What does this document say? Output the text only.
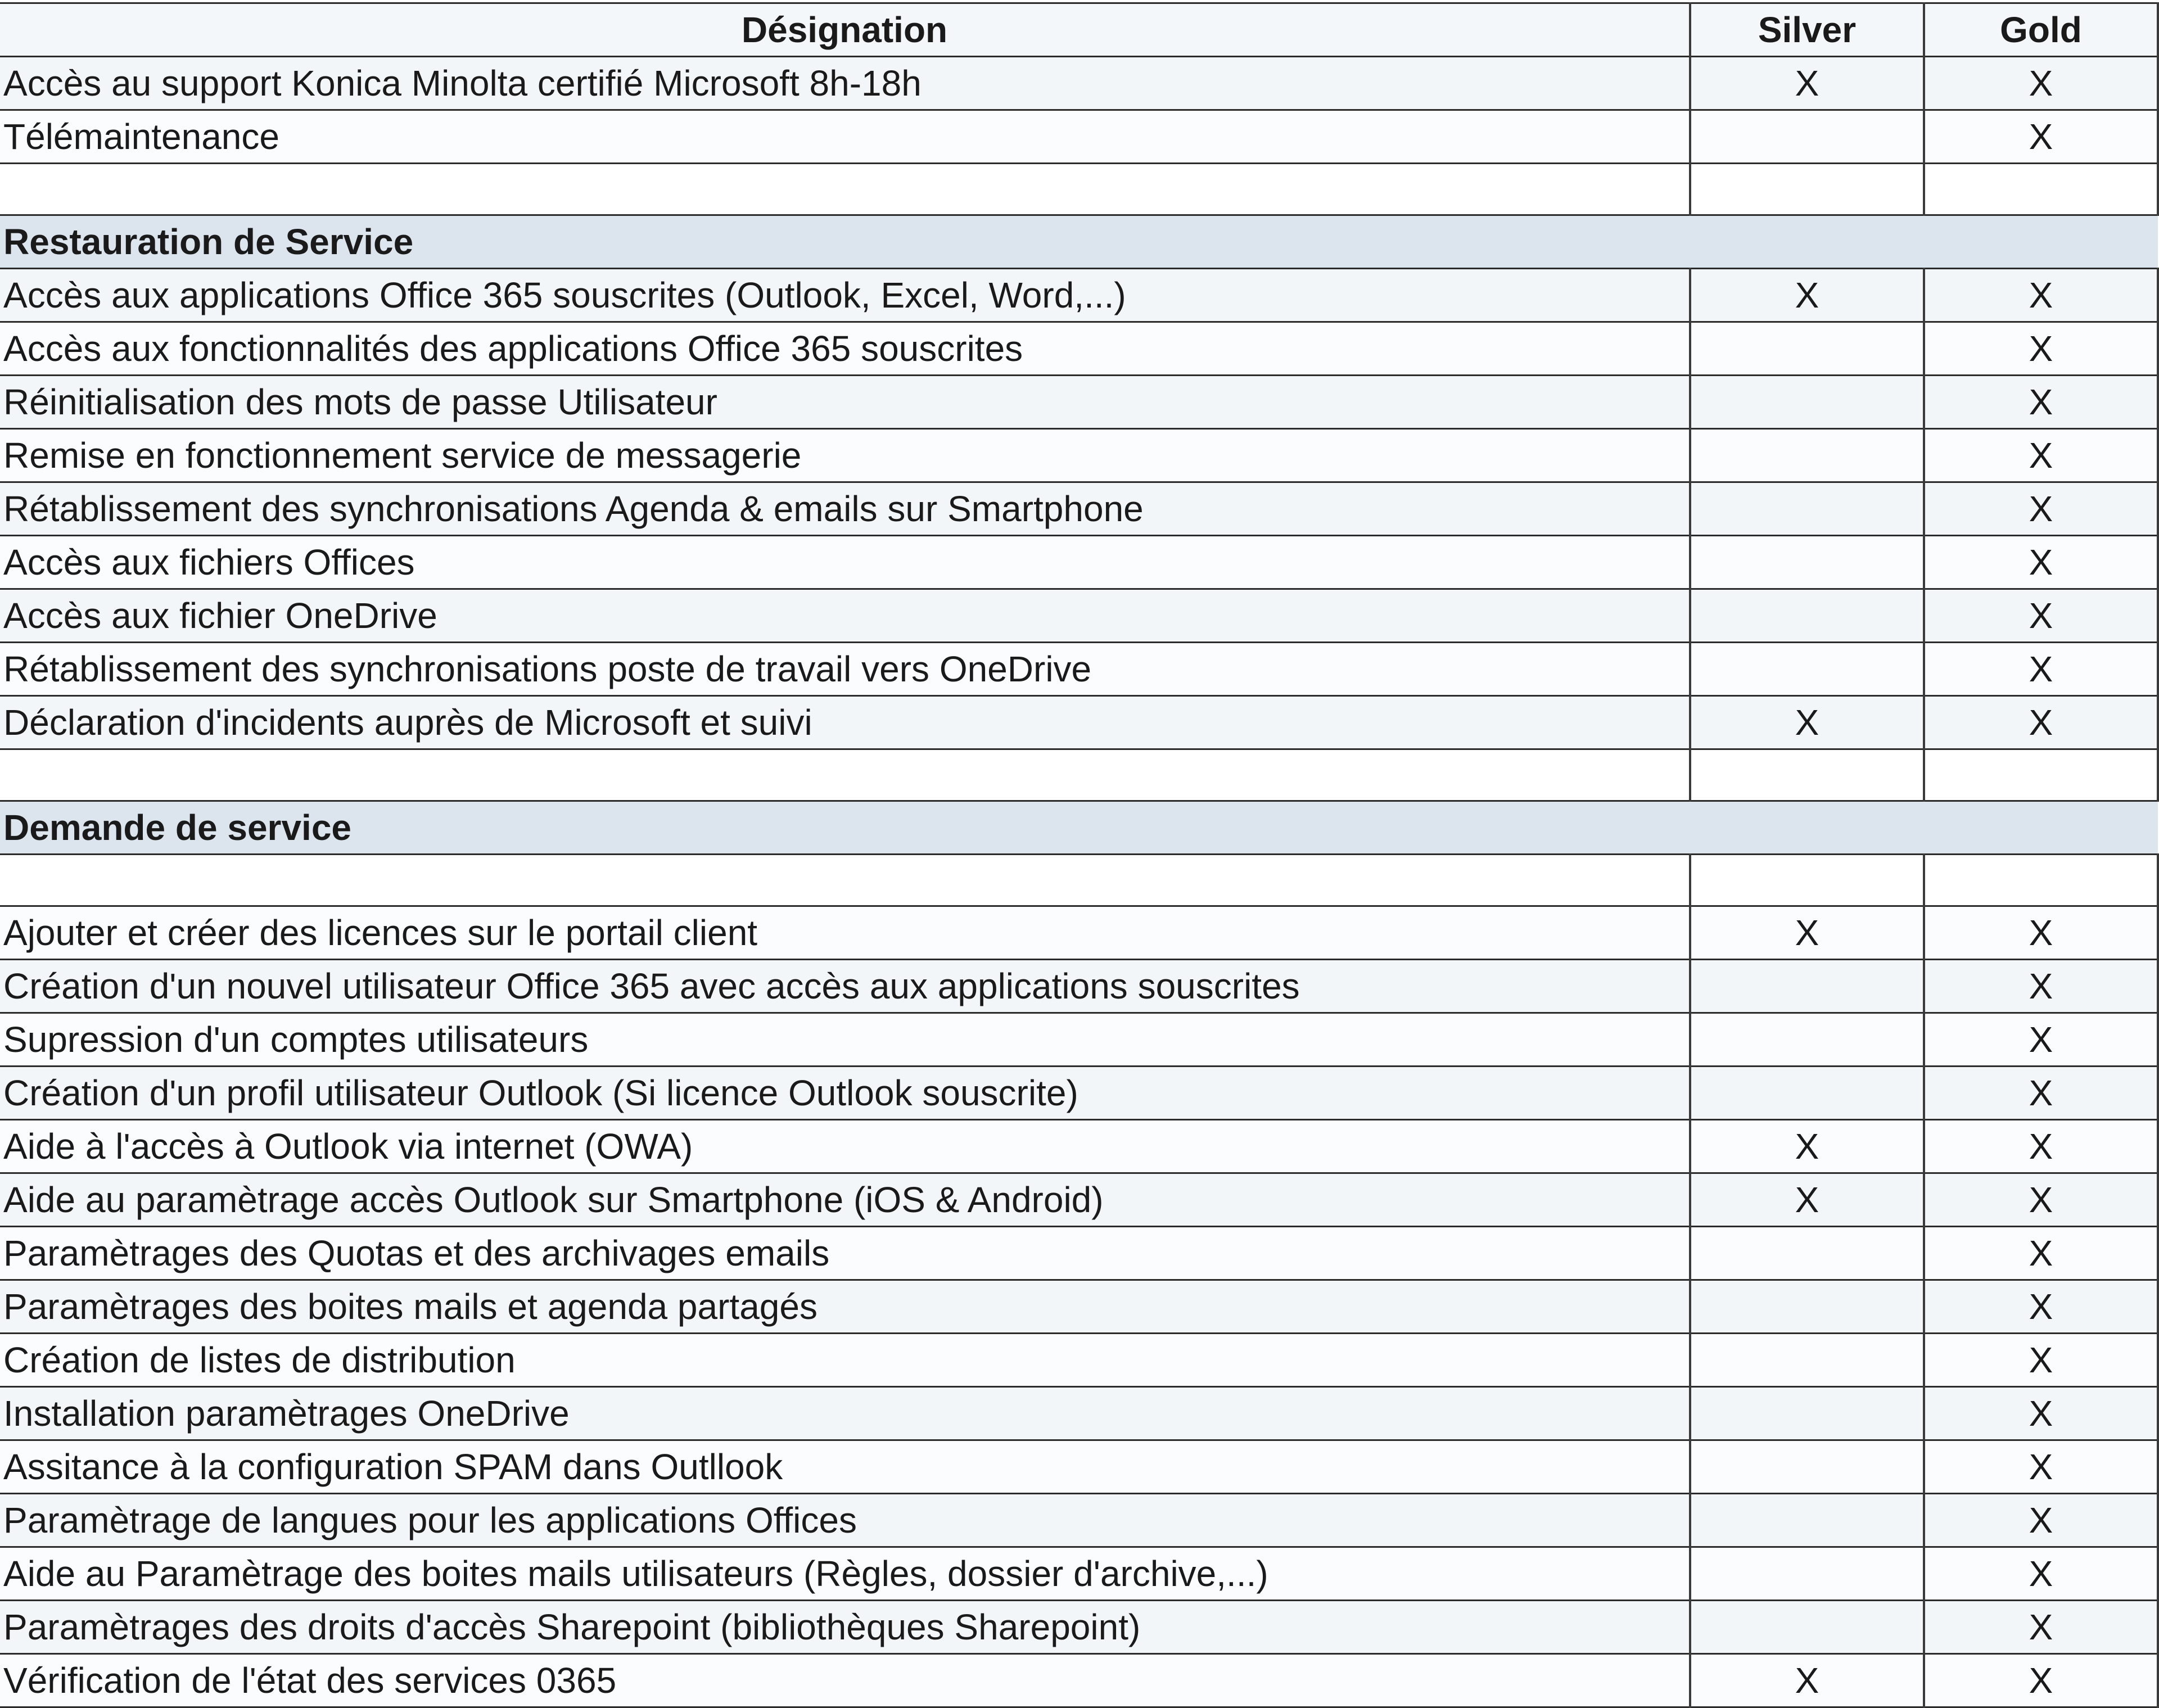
Désignation	Silver	Gold
Accès au support Konica Minolta certifié Microsoft 8h-18h	X	X
Télémaintenance		X

Restauration de Service		
Accès aux applications Office 365 souscrites (Outlook, Excel, Word,...)	X	X
Accès aux fonctionnalités des applications Office 365 souscrites		X
Réinitialisation des mots de passe Utilisateur		X
Remise en fonctionnement service de messagerie		X
Rétablissement des synchronisations Agenda & emails sur Smartphone		X
Accès aux fichiers Offices		X
Accès aux fichier OneDrive		X
Rétablissement des synchronisations poste de travail vers OneDrive		X
Déclaration d'incidents auprès de Microsoft et suivi	X	X

Demande de service		

Ajouter et créer des licences sur le portail client	X	X
Création d'un nouvel utilisateur Office 365 avec accès aux applications souscrites		X
Supression d'un comptes utilisateurs		X
Création d'un profil utilisateur Outlook (Si licence Outlook souscrite)		X
Aide à l'accès à Outlook via internet (OWA)	X	X
Aide au paramètrage accès Outlook sur Smartphone (iOS & Android)	X	X
Paramètrages des Quotas et des archivages emails		X
Paramètrages des boites mails et agenda partagés		X
Création de listes de distribution		X
Installation paramètrages OneDrive		X
Assitance à la configuration SPAM dans Outllook		X
Paramètrage de langues pour les applications Offices		X
Aide au Paramètrage des boites mails utilisateurs (Règles, dossier d'archive,...)		X
Paramètrages des droits d'accès Sharepoint (bibliothèques Sharepoint)		X
Vérification de l'état des services 0365	X	X
